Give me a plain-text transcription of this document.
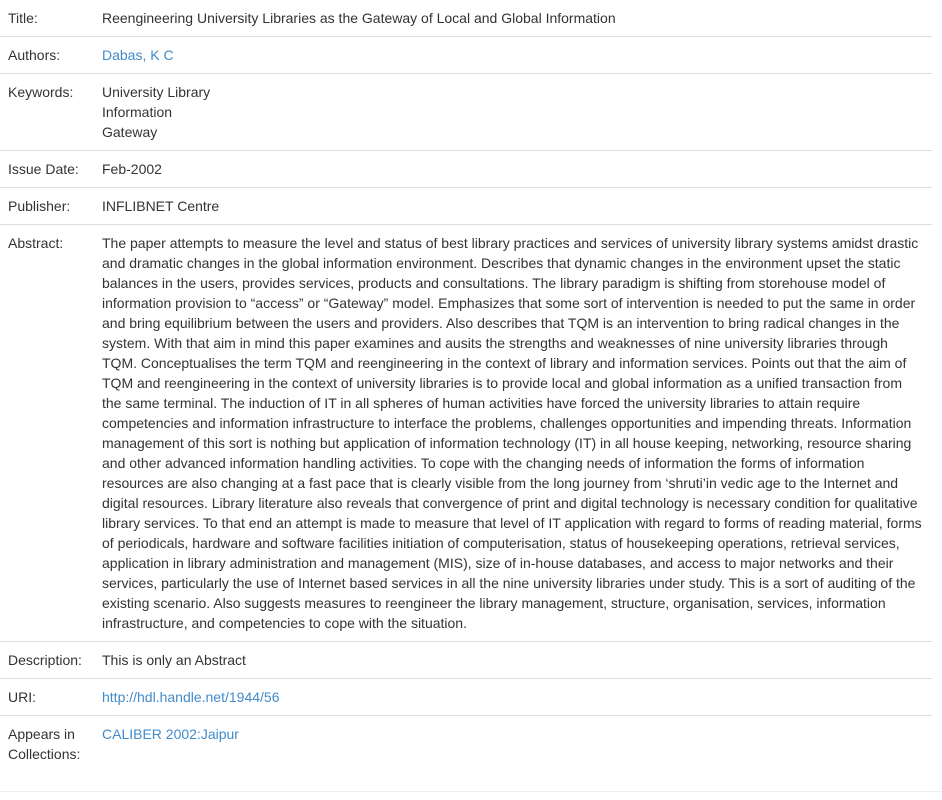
Title:	Reengineering University Libraries as the Gateway of Local and Global Information
Authors:	Dabas, K C
Keywords:	University Library
Information
Gateway

Issue Date:	Feb-2002
Publisher:	INFLIBNET Centre
Abstract:	The paper attempts to measure the level and status of best library practices and services of university library systems amidst drastic and dramatic changes in the global information environment. Describes that dynamic changes in the environment upset the static balances in the users, provides services, products and consultations. The library paradigm is shifting from storehouse model of information provision to “access” or “Gateway” model. Emphasizes that some sort of intervention is needed to put the same in order and bring equilibrium between the users and providers. Also describes that TQM is an intervention to bring radical changes in the system. With that aim in mind this paper examines and ausits the strengths and weaknesses of nine university libraries through TQM. Conceptualises the term TQM and reengineering in the context of library and information services. Points out that the aim of TQM and reengineering in the context of university libraries is to provide local and global information as a unified transaction from the same terminal. The induction of IT in all spheres of human activities have forced the university libraries to attain require competencies and information infrastructure to interface the problems, challenges opportunities and impending threats. Information management of this sort is nothing but application of information technology (IT) in all house keeping, networking, resource sharing and other advanced information handling activities. To cope with the changing needs of information the forms of information resources are also changing at a fast pace that is clearly visible from the long journey from ‘shruti’in vedic age to the Internet and digital resources. Library literature also reveals that convergence of print and digital technology is necessary condition for qualitative library services. To that end an attempt is made to measure that level of IT application with regard to forms of reading material, forms of periodicals, hardware and software facilities initiation of computerisation, status of housekeeping operations, retrieval services, application in library administration and management (MIS), size of in-house databases, and access to major networks and their services, particularly the use of Internet based services in all the nine university libraries under study. This is a sort of auditing of the existing scenario. Also suggests measures to reengineer the library management, structure, organisation, services, information infrastructure, and competencies to cope with the situation.
Description:	This is only an Abstract
URI:	http://hdl.handle.net/1944/56
Appears in Collections:	CALIBER 2002:Jaipur
